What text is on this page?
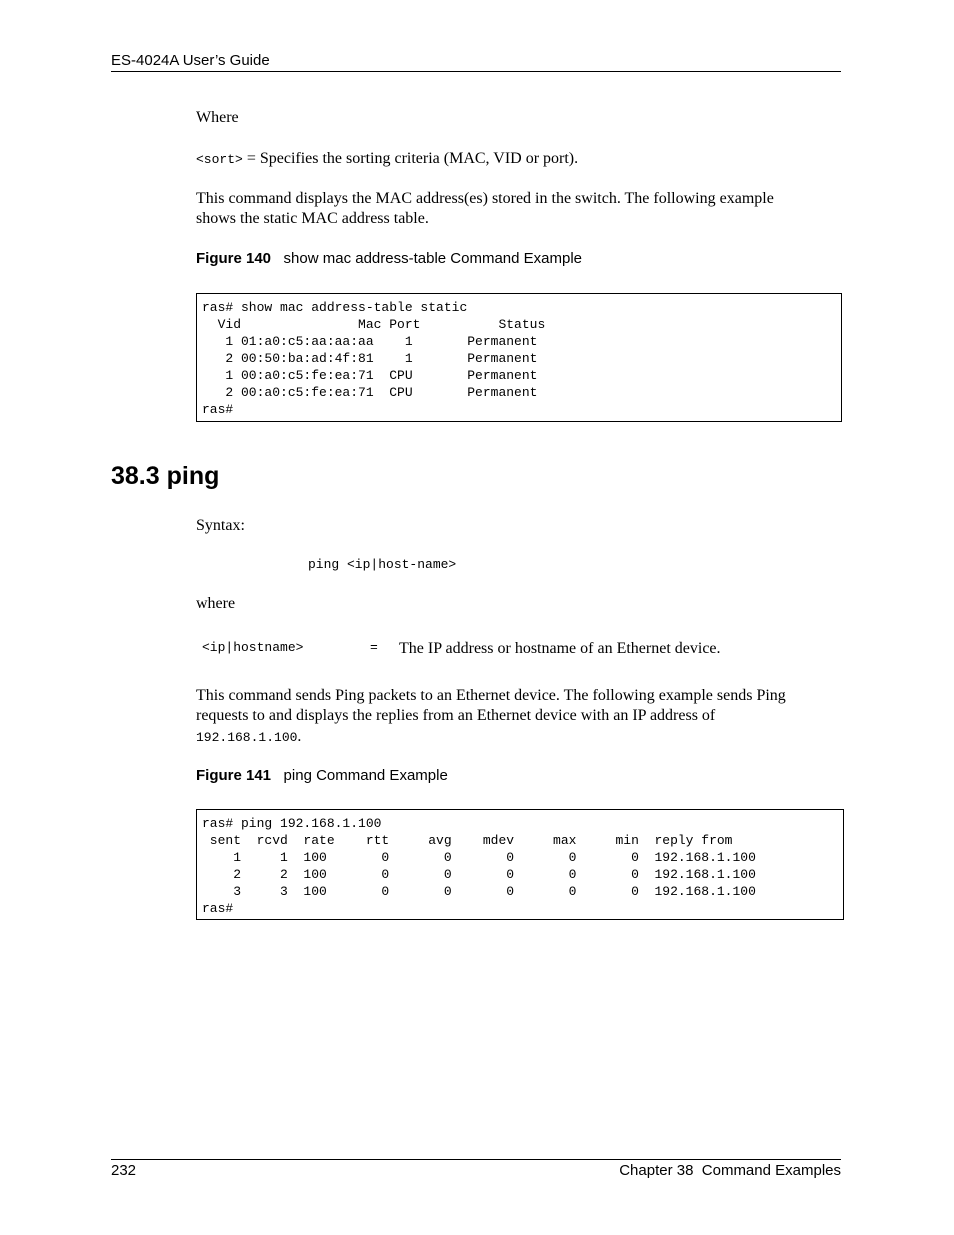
ES-4024A User’s Guide
Where
<sort> = Specifies the sorting criteria (MAC, VID or port).
This command displays the MAC address(es) stored in the switch. The following example
shows the static MAC address table.
Figure 140 show mac address-table Command Example
ras# show mac address-table static
Vid               Mac Port          Status
1 01:a0:c5:aa:aa:aa    1       Permanent
2 00:50:ba:ad:4f:81    1       Permanent
1 00:a0:c5:fe:ea:71  CPU       Permanent
2 00:a0:c5:fe:ea:71  CPU       Permanent
ras#
38.3 ping
Syntax:
ping <ip|host-name>
where
<ip|hostname>	= The IP address or hostname of an Ethernet device.
This command sends Ping packets to an Ethernet device. The following example sends Ping
requests to and displays the replies from an Ethernet device with an IP address of
192.168.1.100.
Figure 141 ping Command Example
ras# ping 192.168.1.100
sent  rcvd  rate    rtt     avg    mdev     max     min  reply from
1     1  100       0       0       0       0       0  192.168.1.100
2     2  100       0       0       0       0       0  192.168.1.100
3     3  100       0       0       0       0       0  192.168.1.100
ras#
232	Chapter 38  Command Examples
